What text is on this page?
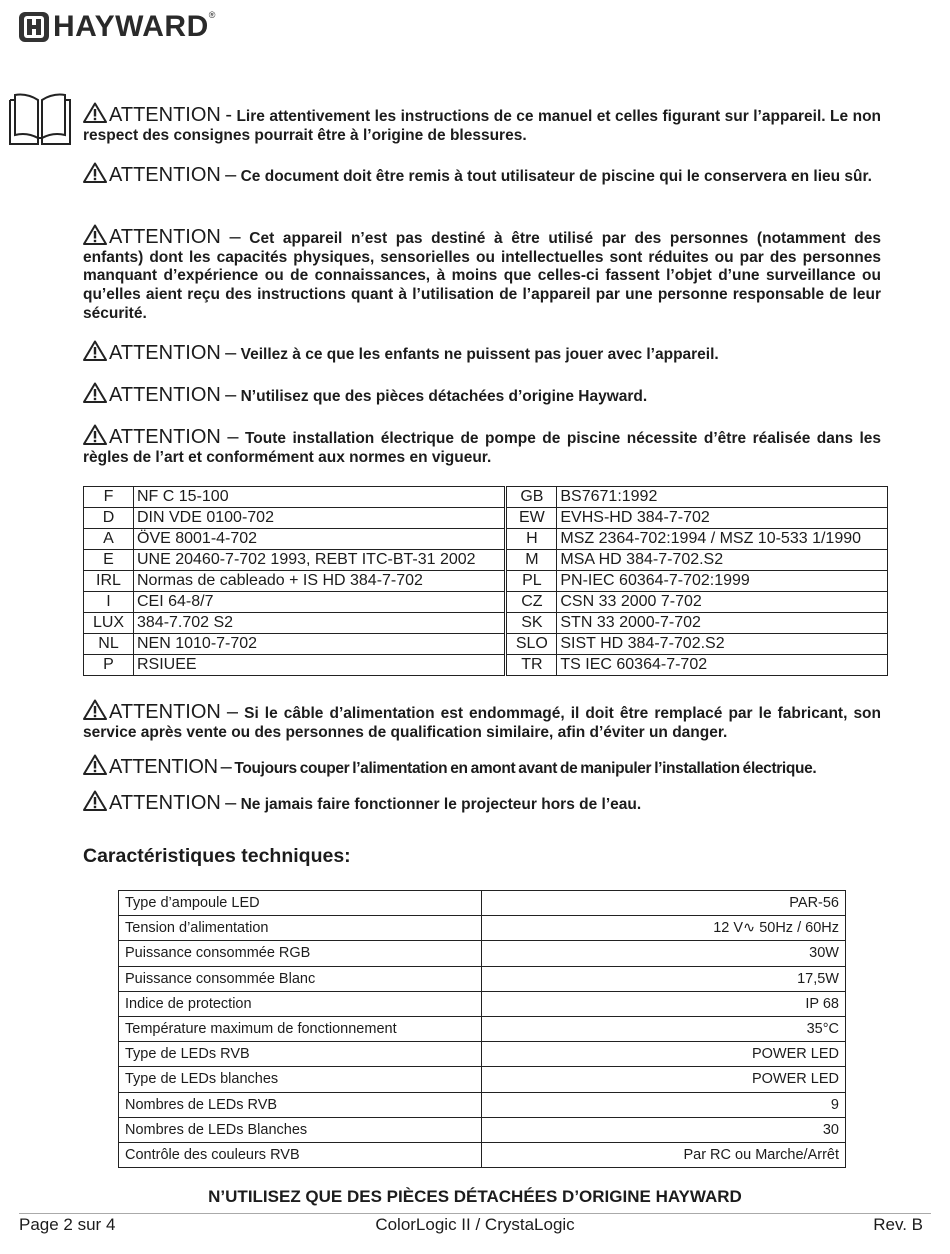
HAYWARD®
ATTENTION - Lire attentivement les instructions de ce manuel et celles figurant sur l’appareil. Le non respect des consignes pourrait être à l’origine de blessures.
ATTENTION – Ce document doit être remis à tout utilisateur de piscine qui le conservera en lieu sûr.
ATTENTION – Cet appareil n’est pas destiné à être utilisé par des personnes (notamment des enfants) dont les capacités physiques, sensorielles ou intellectuelles sont réduites ou par des personnes manquant d’expérience ou de connaissances, à moins que celles-ci fassent l’objet d’une surveillance ou qu’elles aient reçu des instructions quant à l’utilisation de l’appareil par une personne responsable de leur sécurité.
ATTENTION – Veillez à ce que les enfants ne puissent pas jouer avec l’appareil.
ATTENTION – N’utilisez que des pièces détachées d’origine Hayward.
ATTENTION – Toute installation électrique de pompe de piscine nécessite d’être réalisée dans les règles de l’art et conformément aux normes en vigueur.
ATTENTION – Si le câble d’alimentation est endommagé, il doit être remplacé par le fabricant, son service après vente ou des personnes de qualification similaire, afin d’éviter un danger.
ATTENTION – Toujours couper l’alimentation en amont avant de manipuler l’installation électrique.
ATTENTION – Ne jamais faire fonctionner le projecteur hors de l’eau.
F	NF C 15-100		GB	BS7671:1992
D	DIN VDE 0100-702		EW	EVHS-HD 384-7-702
A	ÖVE 8001-4-702		H	MSZ 2364-702:1994 / MSZ 10-533 1/1990
E	UNE 20460-7-702 1993, REBT ITC-BT-31 2002		M	MSA HD 384-7-702.S2
IRL	Normas de cableado + IS HD 384-7-702		PL	PN-IEC 60364-7-702:1999
I	CEI 64-8/7		CZ	CSN 33 2000 7-702
LUX	384-7.702 S2		SK	STN 33 2000-7-702
NL	NEN 1010-7-702		SLO	SIST HD 384-7-702.S2
P	RSIUEE		TR	TS IEC 60364-7-702
Caractéristiques techniques:
Type d’ampoule LED	PAR-56
Tension d’alimentation	12 V∿ 50Hz / 60Hz
Puissance consommée RGB	30W
Puissance consommée Blanc	17,5W
Indice de protection	IP 68
Température maximum de fonctionnement	35°C
Type de LEDs RVB	POWER LED
Type de LEDs blanches	POWER LED
Nombres de LEDs RVB	9
Nombres de LEDs Blanches	30
Contrôle des couleurs RVB	Par RC ou Marche/Arrêt
N’UTILISEZ QUE DES PIÈCES DÉTACHÉES D’ORIGINE HAYWARD
Page 2 sur 4	ColorLogic II / CrystaLogic	Rev. B
